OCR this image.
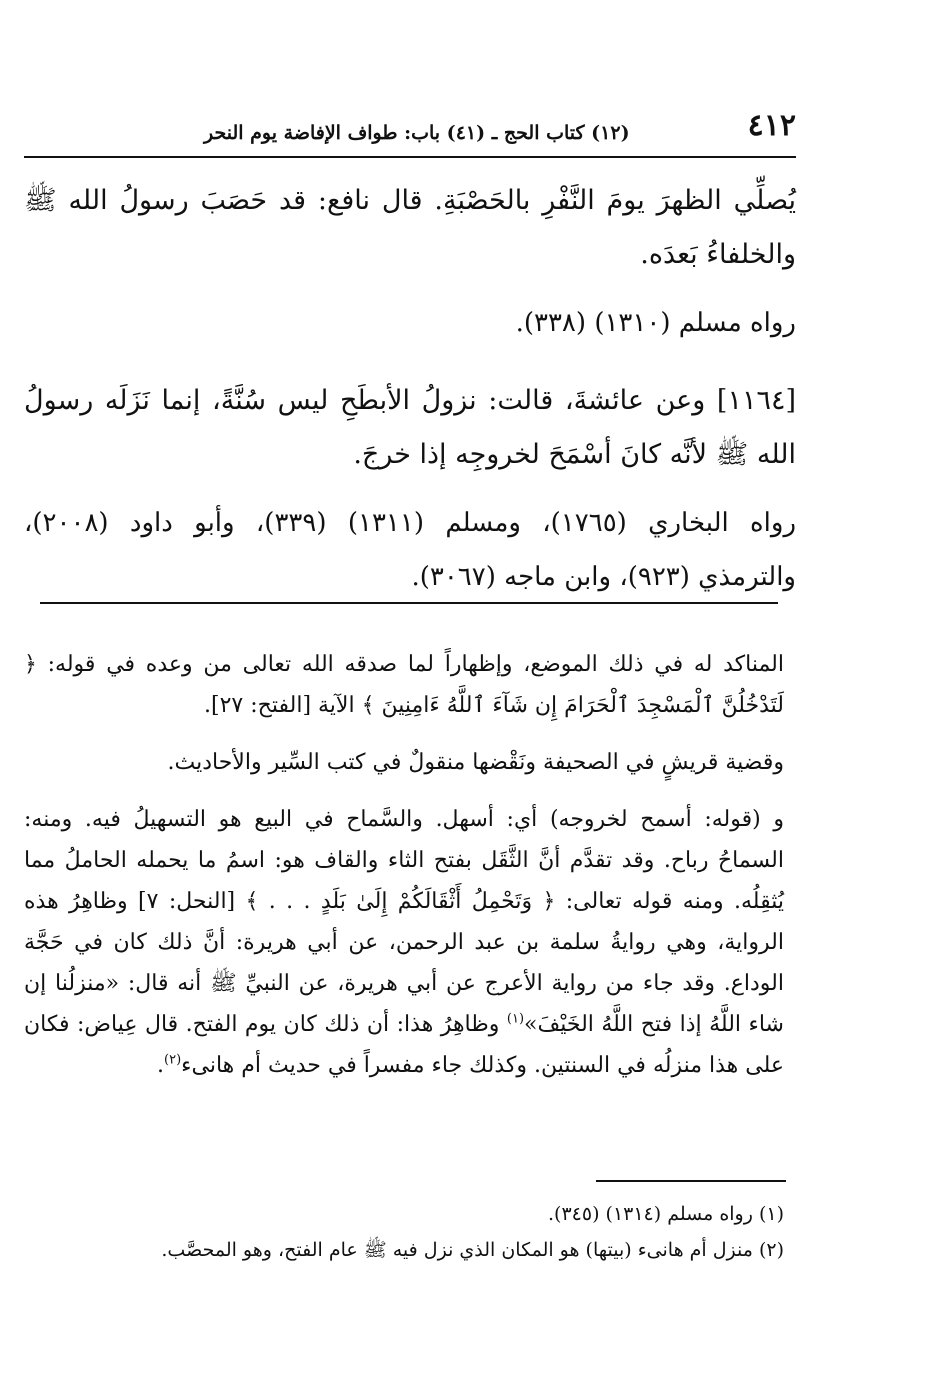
٤١٢
(١٢) كتاب الحج ـ (٤١) باب: طواف الإفاضة يوم النحر

يُصلِّي الظهرَ يومَ النَّفْرِ بالحَصْبَةِ. قال نافع: قد حَصَبَ رسولُ الله ﷺ والخلفاءُ بَعدَه.

رواه مسلم (١٣١٠) (٣٣٨).

[١١٦٤] وعن عائشةَ، قالت: نزولُ الأبطَحِ ليس سُنَّةً، إنما نَزَلَه رسولُ الله ﷺ لأنَّه كانَ أسْمَحَ لخروجِه إذا خرجَ.

رواه البخاري (١٧٦٥)، ومسلم (١٣١١) (٣٣٩)، وأبو داود (٢٠٠٨)، والترمذي (٩٢٣)، وابن ماجه (٣٠٦٧).

المناكد له في ذلك الموضع، وإظهاراً لما صدقه الله تعالى من وعده في قوله: ﴿ لَتَدْخُلُنَّ ٱلْمَسْجِدَ ٱلْحَرَامَ إِن شَآءَ ٱللَّهُ ءَامِنِينَ ﴾ الآية [الفتح: ٢٧].

وقضية قريشٍ في الصحيفة ونَقْضها منقولٌ في كتب السِّير والأحاديث.

و (قوله: أسمح لخروجه) أي: أسهل. والسَّماح في البيع هو التسهيلُ فيه. ومنه: السماحُ رباح. وقد تقدَّم أنَّ الثَّقَل بفتح الثاء والقاف هو: اسمُ ما يحمله الحاملُ مما يُثقِلُه. ومنه قوله تعالى: ﴿ وَتَحْمِلُ أَثْقَالَكُمْ إِلَىٰ بَلَدٍ . . . ﴾ [النحل: ٧] وظاهِرُ هذه الرواية، وهي روايةُ سلمة بن عبد الرحمن، عن أبي هريرة: أنَّ ذلك كان في حَجَّة الوداع. وقد جاء من رواية الأعرج عن أبي هريرة، عن النبيِّ ﷺ أنه قال: «منزلُنا إن شاء اللَّهُ إذا فتح اللَّهُ الخَيْفَ»$^{(١)}$ وظاهِرُ هذا: أن ذلك كان يوم الفتح. قال عِياض: فكان على هذا منزلُه في السنتين. وكذلك جاء مفسراً في حديث أم هانىء$^{(٢)}$.

(١) رواه مسلم (١٣١٤) (٣٤٥).

(٢) منزل أم هانىء (بيتها) هو المكان الذي نزل فيه ﷺ عام الفتح، وهو المحصَّب.
